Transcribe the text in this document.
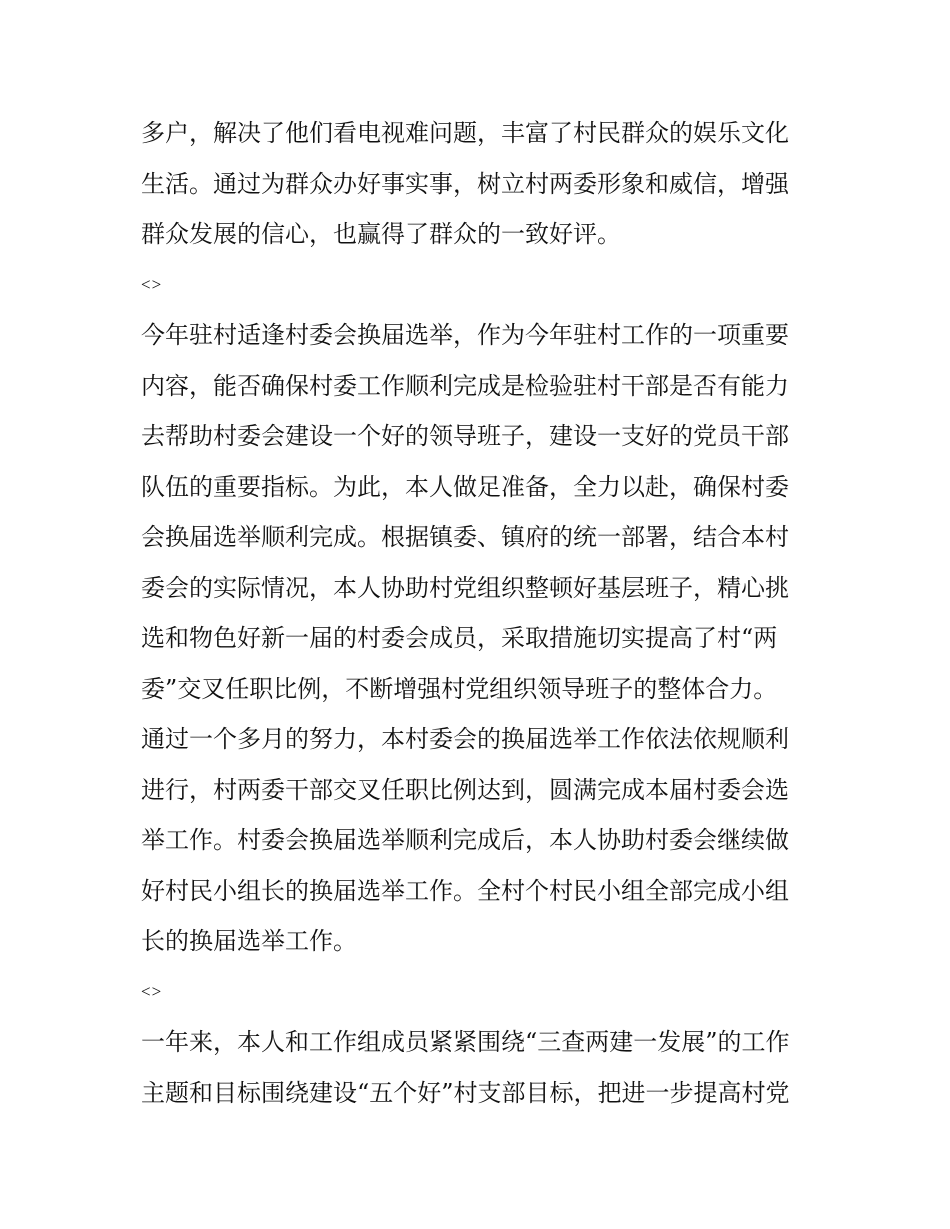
多户，解决了他们看电视难问题，丰富了村民群众的娱乐文化
生活。通过为群众办好事实事，树立村两委形象和威信，增强
群众发展的信心，也赢得了群众的一致好评。
<>
今年驻村适逢村委会换届选举，作为今年驻村工作的一项重要
内容，能否确保村委工作顺利完成是检验驻村干部是否有能力
去帮助村委会建设一个好的领导班子，建设一支好的党员干部
队伍的重要指标。为此，本人做足准备，全力以赴，确保村委
会换届选举顺利完成。根据镇委、镇府的统一部署，结合本村
委会的实际情况，本人协助村党组织整顿好基层班子，精心挑
选和物色好新一届的村委会成员，采取措施切实提高了村“两
委”交叉任职比例，不断增强村党组织领导班子的整体合力。
通过一个多月的努力，本村委会的换届选举工作依法依规顺利
进行，村两委干部交叉任职比例达到，圆满完成本届村委会选
举工作。村委会换届选举顺利完成后，本人协助村委会继续做
好村民小组长的换届选举工作。全村个村民小组全部完成小组
长的换届选举工作。
<>
一年来，本人和工作组成员紧紧围绕“三查两建一发展”的工作
主题和目标围绕建设“五个好”村支部目标，把进一步提高村党
